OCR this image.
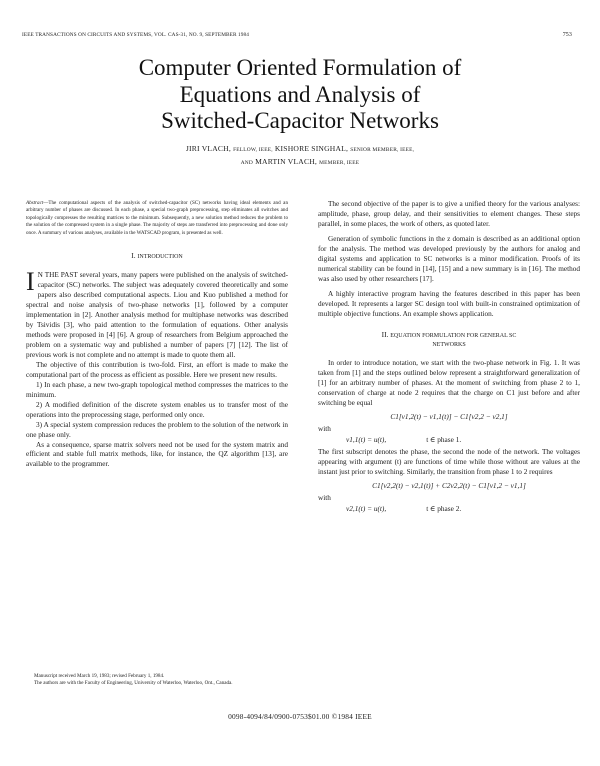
IEEE TRANSACTIONS ON CIRCUITS AND SYSTEMS, VOL. CAS-31, NO. 9, SEPTEMBER 1984	753
Computer Oriented Formulation of
Equations and Analysis of
Switched-Capacitor Networks
JIRI VLACH, FELLOW, IEEE, KISHORE SINGHAL, SENIOR MEMBER, IEEE,
AND MARTIN VLACH, MEMBER, IEEE

Abstract—The computational aspects of the analysis of switched-capacitor (SC) networks having ideal elements and an arbitrary number of phases are discussed. In each phase, a special two-graph preprocessing, step eliminates all switches and topologically compresses the resulting matrices to the minimum. Subsequently, a new solution method reduces the problem to the solution of the compressed system in a single phase. The majority of steps are transferred into preprocessing and done only once. A summary of various analyses, available in the WATSCAD program, is presented as well.

I. INTRODUCTION

I N THE PAST several years, many papers were published on the analysis of switched-capacitor (SC) networks. The subject was adequately covered theoretically and some papers also described computational aspects. Liou and Kuo published a method for spectral and noise analysis of two-phase networks [1], followed by a computer implementation in [2]. Another analysis method for multiphase networks was described by Tsividis [3], who paid attention to the formulation of equations. Other analysis methods were proposed in [4] [6]. A group of researchers from Belgium approached the problem on a systematic way and published a number of papers [7] [12]. The list of previous work is not complete and no attempt is made to quote them all.

The objective of this contribution is two-fold. First, an effort is made to make the computational part of the process as efficient as possible. Here we present new results.

1) In each phase, a new two-graph topological method compresses the matrices to the minimum.

2) A modified definition of the discrete system enables us to transfer most of the operations into the preprocessing stage, performed only once.

3) A special system compression reduces the problem to the solution of the network in one phase only.

As a consequence, sparse matrix solvers need not be used for the system matrix and efficient and stable full matrix methods, like, for instance, the QZ algorithm [13], are available to the programmer.

Manuscript received March 19, 1983; revised February 1, 1984.

The authors are with the Faculty of Engineering, University of Waterloo, Waterloo, Ont., Canada.

The second objective of the paper is to give a unified theory for the various analyses: amplitude, phase, group delay, and their sensitivities to element changes. These steps parallel, in some places, the work of others, as quoted later.

Generation of symbolic functions in the z domain is described as an additional option for the analysis. The method was developed previously by the authors for analog and digital systems and application to SC networks is a minor modification. Proofs of its numerical stability can be found in [14], [15] and a new summary is in [16]. The method was also used by other researchers [17].

A highly interactive program having the features described in this paper has been developed. It represents a larger SC design tool with built-in constrained optimization of multiple objective functions. An example shows application.

II. EQUATION FORMULATION FOR GENERAL SC
NETWORKS

In order to introduce notation, we start with the two-phase network in Fig. 1. It was taken from [1] and the steps outlined below represent a straightforward generalization of [1] for an arbitrary number of phases. At the moment of switching from phase 2 to 1, conservation of charge at node 2 requires that the charge on C1 just before and after switching be equal

C1[v1,2(t) − v1,1(t)] − C1[v2,2 − v2,1]
with
v1,1(t) = u(t),	t ∈ phase 1.

The first subscript denotes the phase, the second the node of the network. The voltages appearing with argument (t) are functions of time while those without are values at the instant just prior to switching. Similarly, the transition from phase 1 to 2 requires

C1[v2,2(t) − v2,1(t)] + C2v2,2(t) − C1[v1,2 − v1,1]
with
v2,1(t) = u(t),	t ∈ phase 2.
0098-4094/84/0900-0753$01.00 ©1984 IEEE
